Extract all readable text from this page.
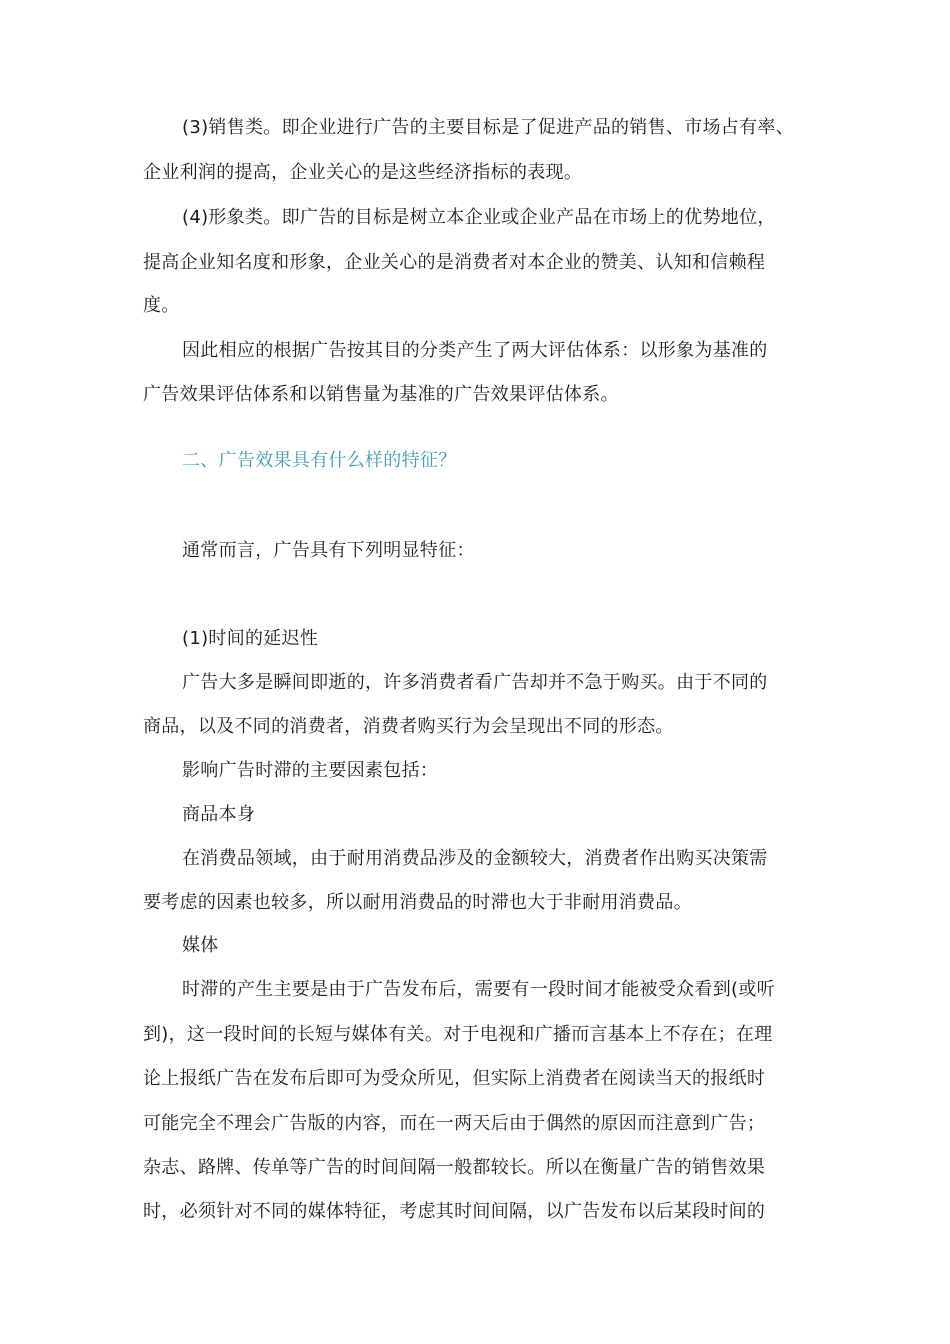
(3)销售类。即企业进行广告的主要目标是了促进产品的销售、市场占有率、
企业利润的提高，企业关心的是这些经济指标的表现。
(4)形象类。即广告的目标是树立本企业或企业产品在市场上的优势地位，
提高企业知名度和形象，企业关心的是消费者对本企业的赞美、认知和信赖程
度。
因此相应的根据广告按其目的分类产生了两大评估体系：以形象为基准的
广告效果评估体系和以销售量为基准的广告效果评估体系。
二、广告效果具有什么样的特征？
通常而言，广告具有下列明显特征：
(1)时间的延迟性
广告大多是瞬间即逝的，许多消费者看广告却并不急于购买。由于不同的
商品，以及不同的消费者，消费者购买行为会呈现出不同的形态。
影响广告时滞的主要因素包括：
商品本身
在消费品领域，由于耐用消费品涉及的金额较大，消费者作出购买决策需
要考虑的因素也较多，所以耐用消费品的时滞也大于非耐用消费品。
媒体
时滞的产生主要是由于广告发布后，需要有一段时间才能被受众看到(或听
到)，这一段时间的长短与媒体有关。对于电视和广播而言基本上不存在；在理
论上报纸广告在发布后即可为受众所见，但实际上消费者在阅读当天的报纸时
可能完全不理会广告版的内容，而在一两天后由于偶然的原因而注意到广告；
杂志、路牌、传单等广告的时间间隔一般都较长。所以在衡量广告的销售效果
时，必须针对不同的媒体特征，考虑其时间间隔，以广告发布以后某段时间的
